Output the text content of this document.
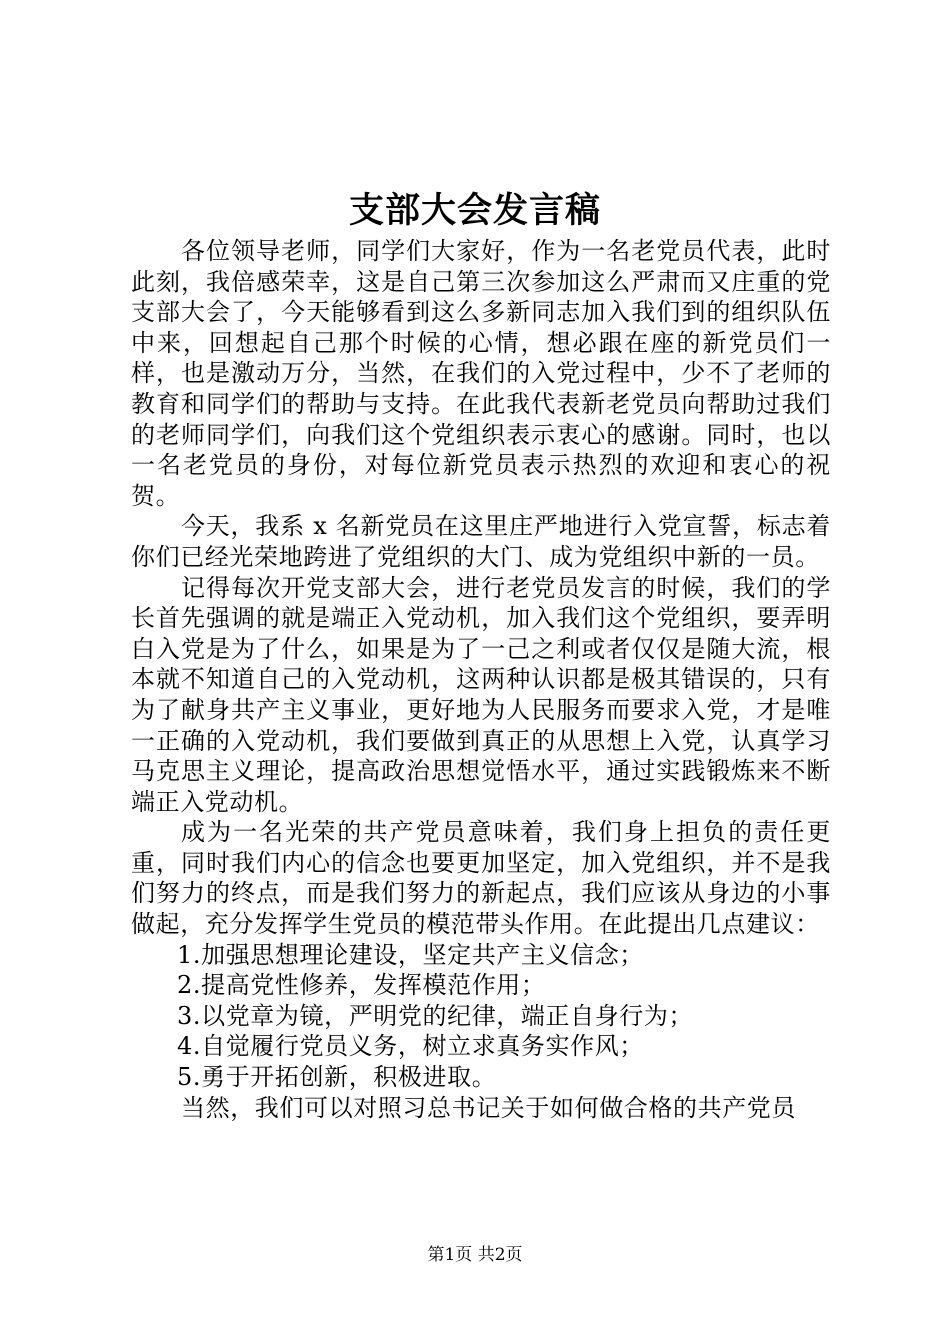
支部大会发言稿

各位领导老师，同学们大家好，作为一名老党员代表，此时此刻，我倍感荣幸，这是自己第三次参加这么严肃而又庄重的党支部大会了，今天能够看到这么多新同志加入我们到的组织队伍中来，回想起自己那个时候的心情，想必跟在座的新党员们一样，也是激动万分，当然，在我们的入党过程中，少不了老师的教育和同学们的帮助与支持。在此我代表新老党员向帮助过我们的老师同学们，向我们这个党组织表示衷心的感谢。同时，也以一名老党员的身份，对每位新党员表示热烈的欢迎和衷心的祝贺。

今天，我系 x 名新党员在这里庄严地进行入党宣誓，标志着你们已经光荣地跨进了党组织的大门、成为党组织中新的一员。

记得每次开党支部大会，进行老党员发言的时候，我们的学长首先强调的就是端正入党动机，加入我们这个党组织，要弄明白入党是为了什么，如果是为了一己之利或者仅仅是随大流，根本就不知道自己的入党动机，这两种认识都是极其错误的，只有为了献身共产主义事业，更好地为人民服务而要求入党，才是唯一正确的入党动机，我们要做到真正的从思想上入党，认真学习马克思主义理论，提高政治思想觉悟水平，通过实践锻炼来不断端正入党动机。

成为一名光荣的共产党员意味着，我们身上担负的责任更重，同时我们内心的信念也要更加坚定，加入党组织，并不是我们努力的终点，而是我们努力的新起点，我们应该从身边的小事做起，充分发挥学生党员的模范带头作用。在此提出几点建议：

1.加强思想理论建设，坚定共产主义信念；

2.提高党性修养，发挥模范作用；

3.以党章为镜，严明党的纪律，端正自身行为；

4.自觉履行党员义务，树立求真务实作风；

5.勇于开拓创新，积极进取。

当然，我们可以对照习总书记关于如何做合格的共产党员

第1页 共2页
